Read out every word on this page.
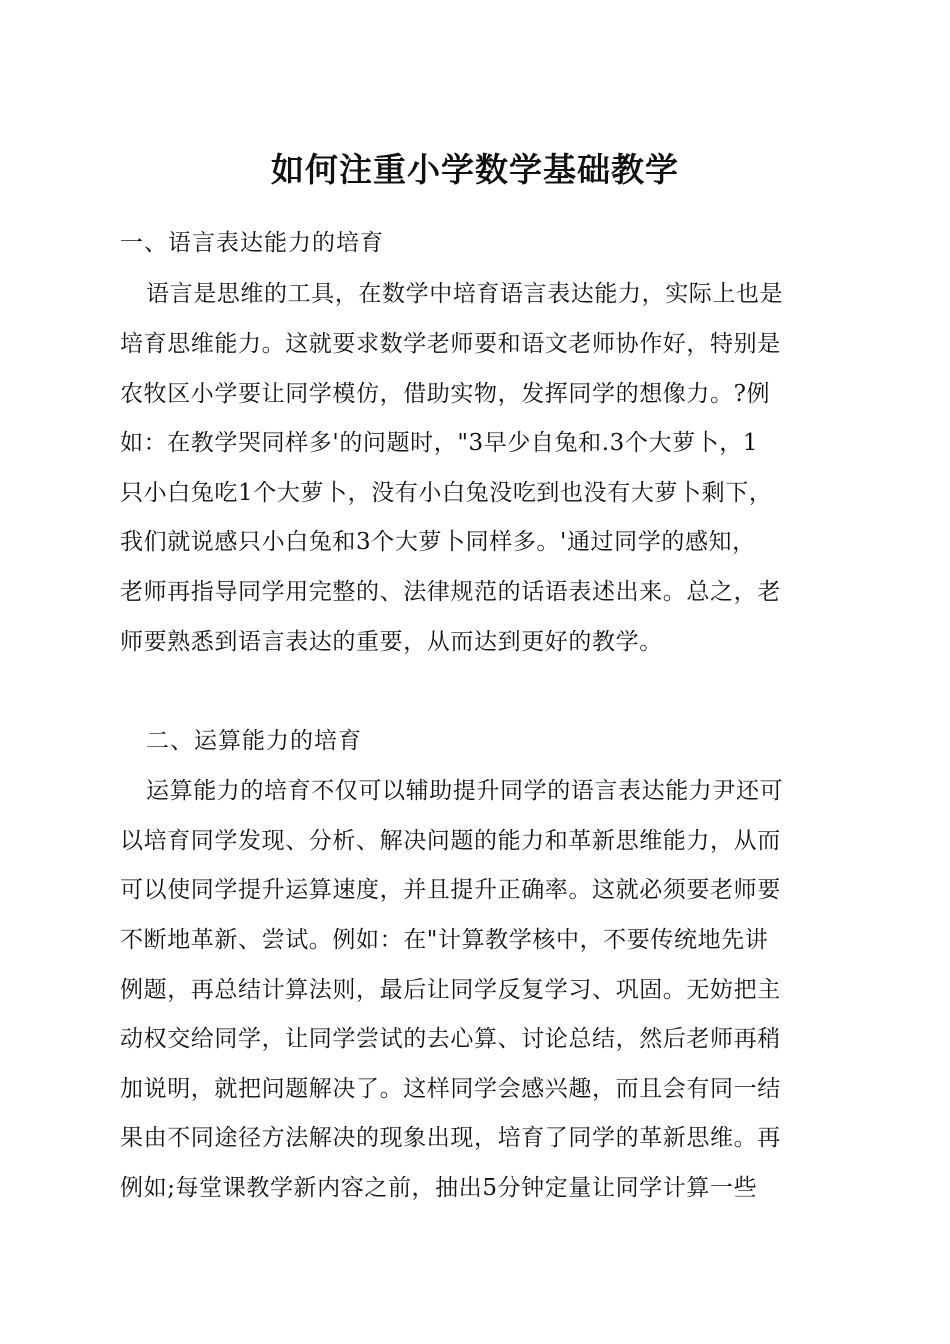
如何注重小学数学基础教学
一、语言表达能力的培育
语言是思维的工具，在数学中培育语言表达能力，实际上也是
培育思维能力。这就要求数学老师要和语文老师协作好，特别是
农牧区小学要让同学模仿，借助实物，发挥同学的想像力。?例
如：在教学哭同样多'的问题时，"3早少自兔和.3个大萝卜，1
只小白兔吃1个大萝卜，没有小白兔没吃到也没有大萝卜剩下，
我们就说感只小白兔和3个大萝卜同样多。'通过同学的感知，
老师再指导同学用完整的、法律规范的话语表述出来。总之，老
师要熟悉到语言表达的重要，从而达到更好的教学。
二、运算能力的培育
运算能力的培育不仅可以辅助提升同学的语言表达能力尹还可
以培育同学发现、分析、解决问题的能力和革新思维能力，从而
可以使同学提升运算速度，并且提升正确率。这就必须要老师要
不断地革新、尝试。例如：在"计算教学核中，不要传统地先讲
例题，再总结计算法则，最后让同学反复学习、巩固。无妨把主
动权交给同学，让同学尝试的去心算、讨论总结，然后老师再稍
加说明，就把问题解决了。这样同学会感兴趣，而且会有同一结
果由不同途径方法解决的现象出现，培育了同学的革新思维。再
例如;每堂课教学新内容之前，抽出5分钟定量让同学计算一些
